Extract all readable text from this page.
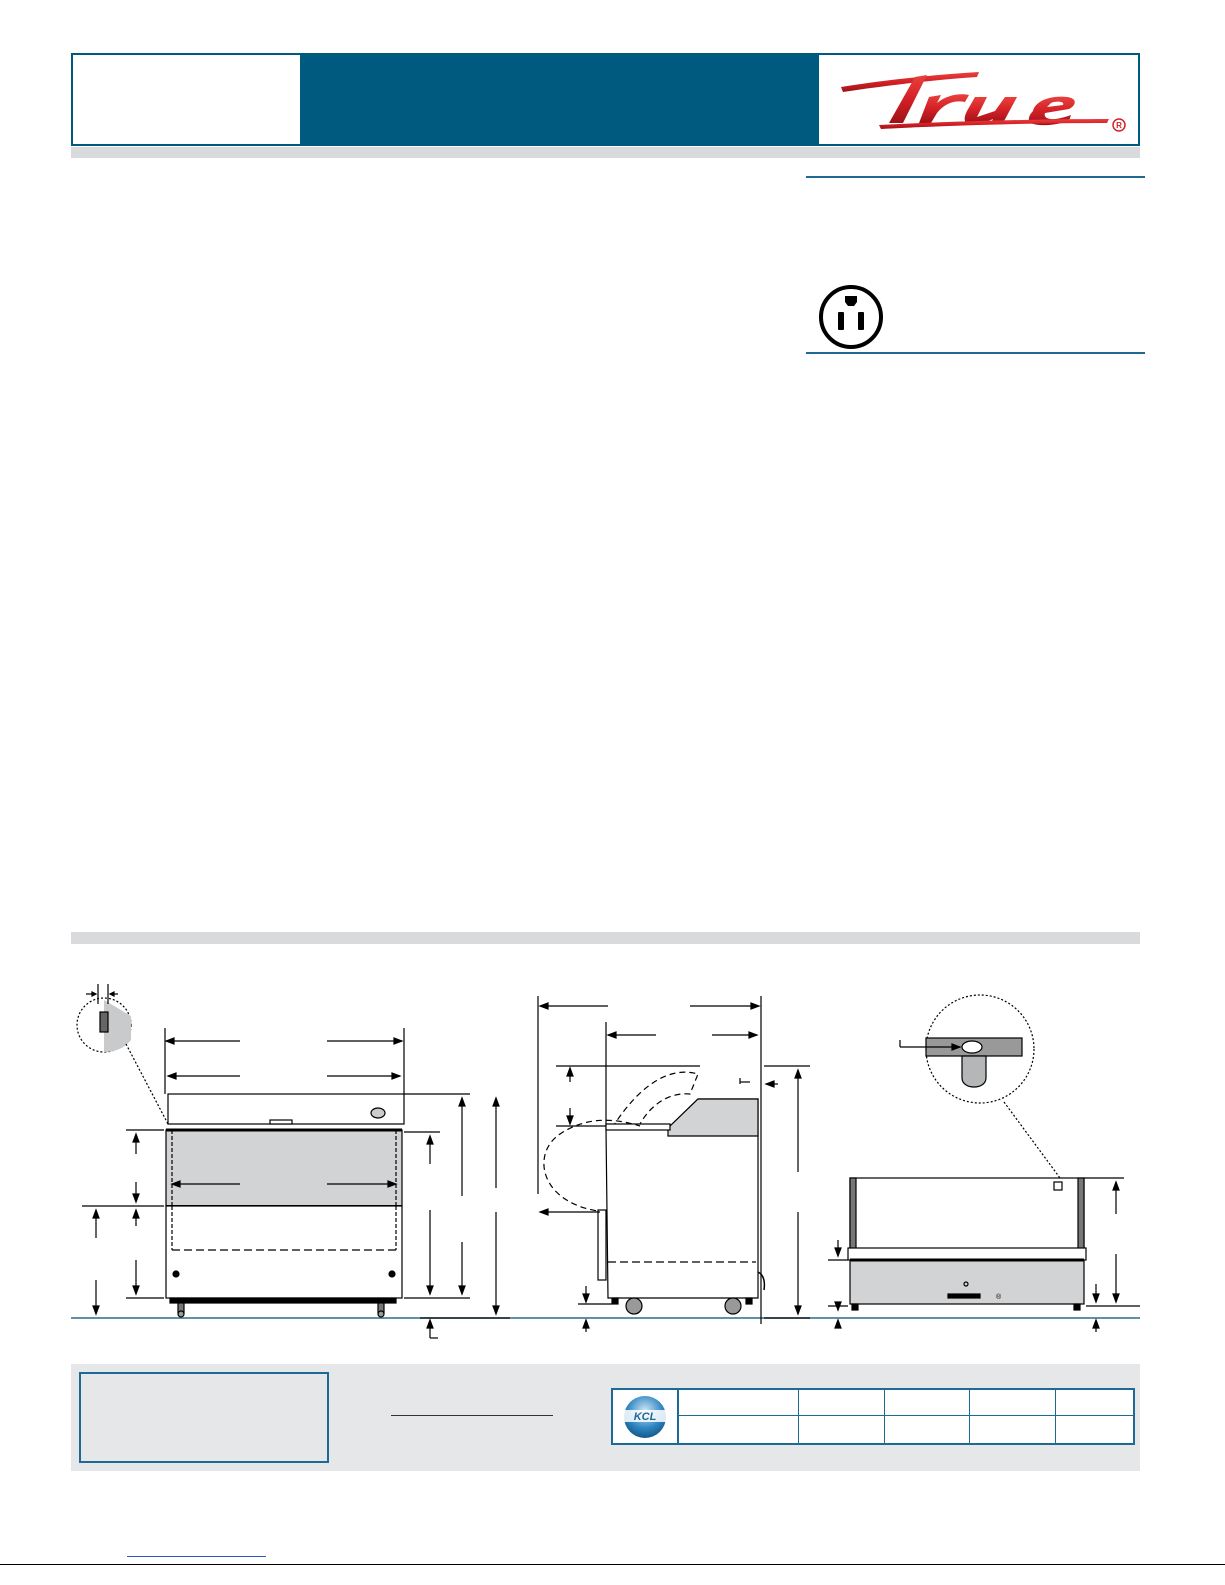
R
®
KCL
